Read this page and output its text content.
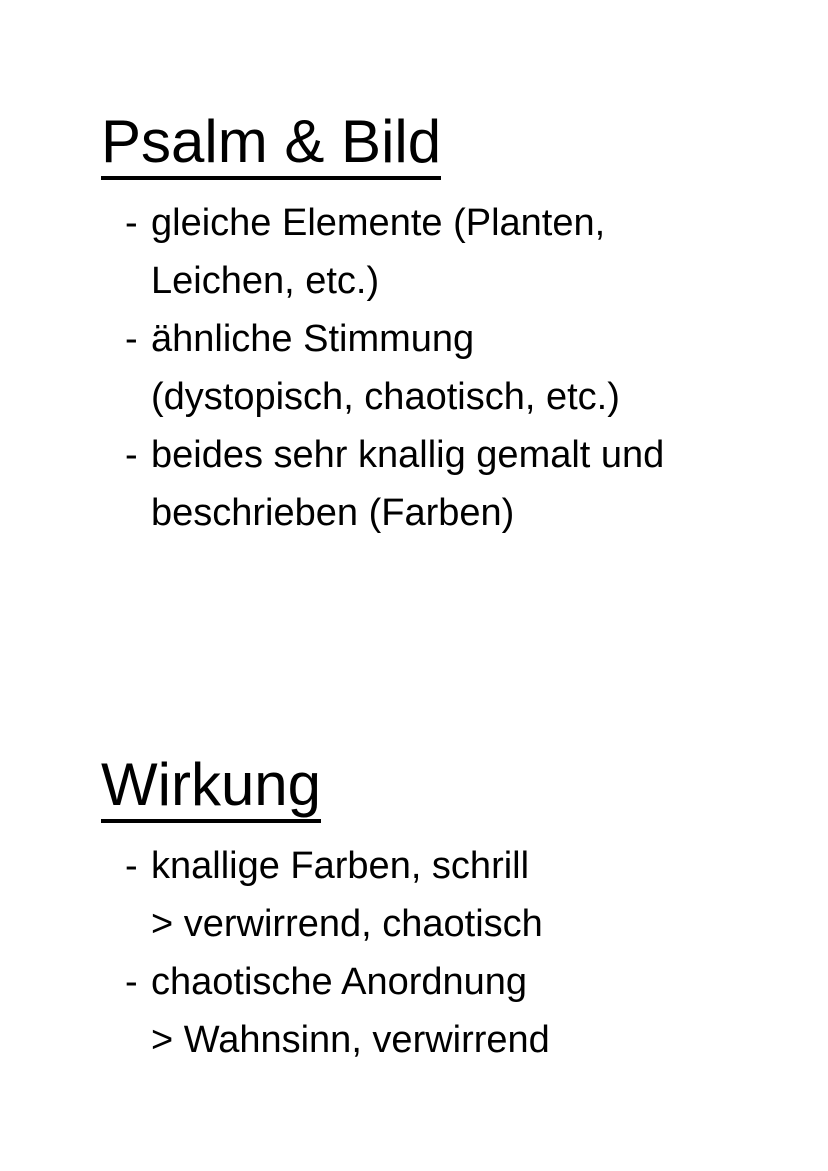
Psalm & Bild
- gleiche Elemente (Planten,
Leichen, etc.)
- ähnliche Stimmung
(dystopisch, chaotisch, etc.)
- beides sehr knallig gemalt und
beschrieben (Farben)
Wirkung
- knallige Farben, schrill
> verwirrend, chaotisch
- chaotische Anordnung
> Wahnsinn, verwirrend
